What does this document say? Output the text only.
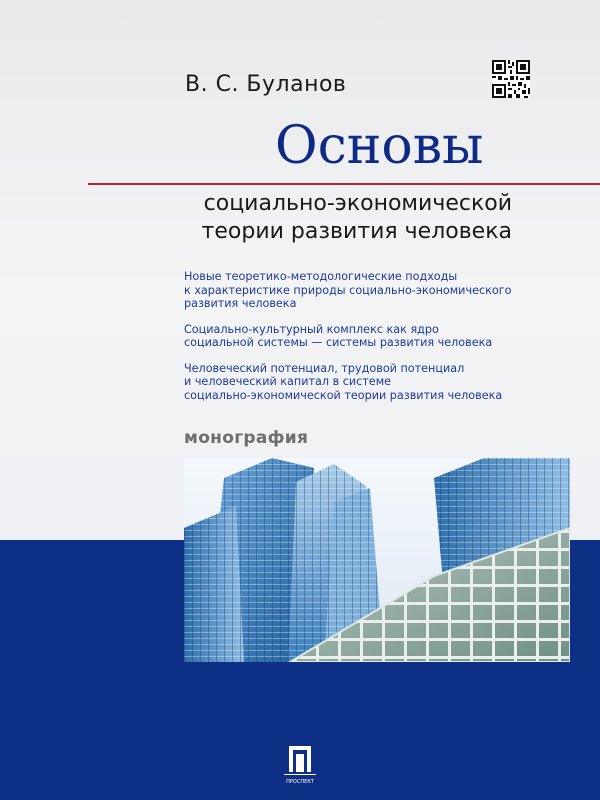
В. С. Буланов
Основы
социально-экономической
теории развития человека
Новые теоретико-методологические подходы
к характеристике природы социально-экономического
развития человека
Социально-культурный комплекс как ядро
социальной системы — системы развития человека
Человеческий потенциал, трудовой потенциал
и человеческий капитал в системе
социально-экономической теории развития человека
монография
ПРОСПЕКТ
